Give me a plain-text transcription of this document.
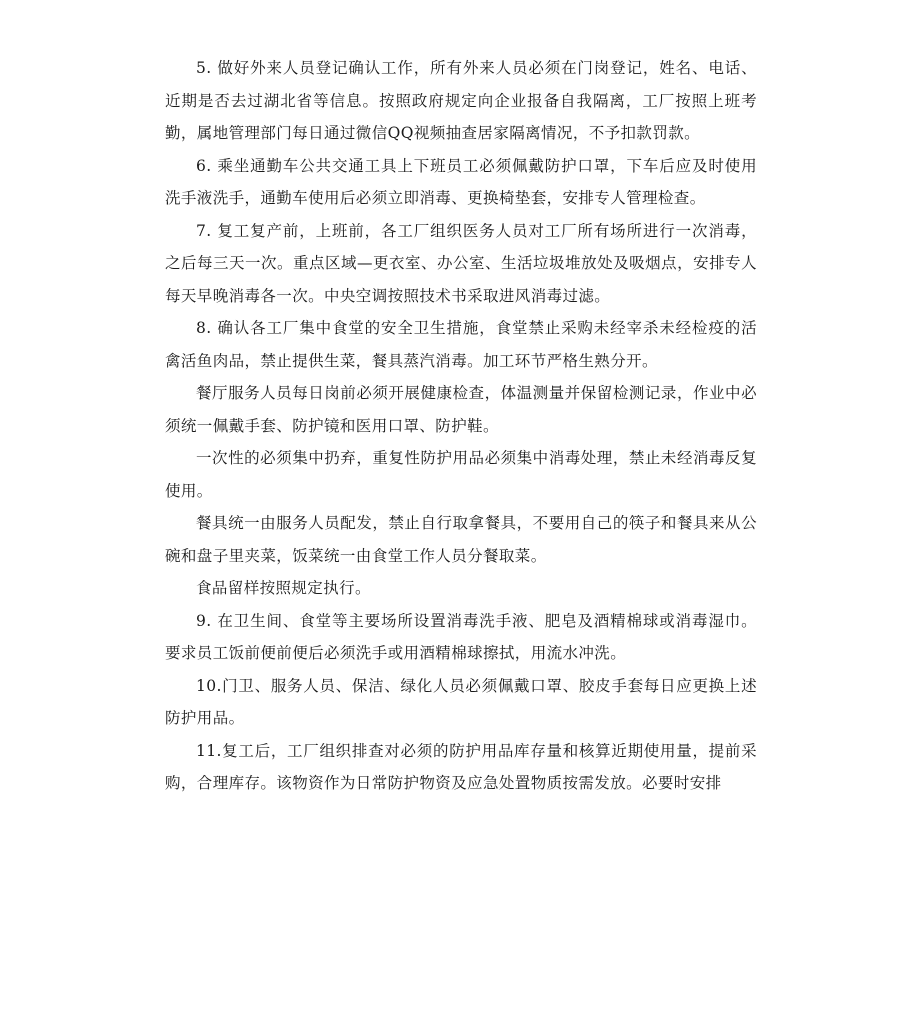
5. 做好外来人员登记确认工作，所有外来人员必须在门岗登记，姓名、电话、近期是否去过湖北省等信息。按照政府规定向企业报备自我隔离，工厂按照上班考勤，属地管理部门每日通过微信QQ视频抽查居家隔离情况，不予扣款罚款。

6. 乘坐通勤车公共交通工具上下班员工必须佩戴防护口罩，下车后应及时使用洗手液洗手，通勤车使用后必须立即消毒、更换椅垫套，安排专人管理检查。

7. 复工复产前，上班前，各工厂组织医务人员对工厂所有场所进行一次消毒，之后每三天一次。重点区域—更衣室、办公室、生活垃圾堆放处及吸烟点，安排专人每天早晚消毒各一次。中央空调按照技术书采取进风消毒过滤。

8. 确认各工厂集中食堂的安全卫生措施，食堂禁止采购未经宰杀未经检疫的活禽活鱼肉品，禁止提供生菜，餐具蒸汽消毒。加工环节严格生熟分开。

餐厅服务人员每日岗前必须开展健康检查，体温测量并保留检测记录，作业中必须统一佩戴手套、防护镜和医用口罩、防护鞋。

一次性的必须集中扔弃，重复性防护用品必须集中消毒处理，禁止未经消毒反复使用。

餐具统一由服务人员配发，禁止自行取拿餐具，不要用自己的筷子和餐具来从公碗和盘子里夹菜，饭菜统一由食堂工作人员分餐取菜。

食品留样按照规定执行。

9. 在卫生间、食堂等主要场所设置消毒洗手液、肥皂及酒精棉球或消毒湿巾。要求员工饭前便前便后必须洗手或用酒精棉球擦拭，用流水冲洗。

10.门卫、服务人员、保洁、绿化人员必须佩戴口罩、胶皮手套每日应更换上述防护用品。

11.复工后，工厂组织排查对必须的防护用品库存量和核算近期使用量，提前采购，合理库存。该物资作为日常防护物资及应急处置物质按需发放。必要时安排
